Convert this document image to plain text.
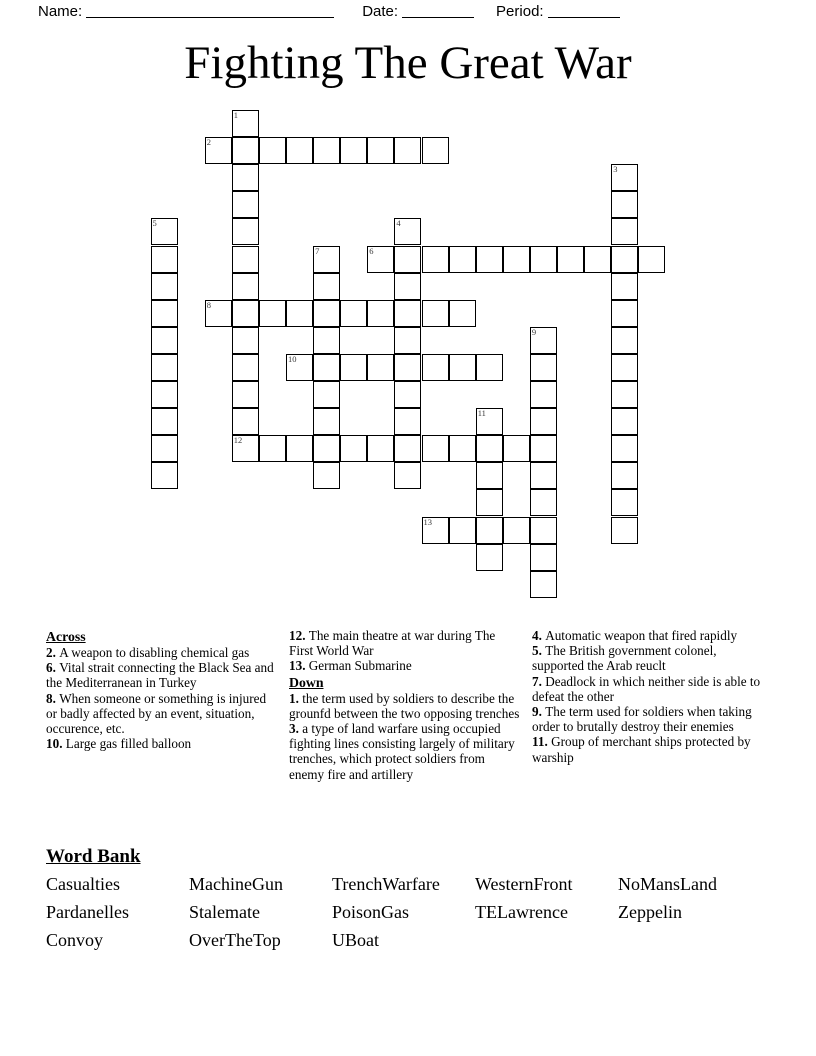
Name:	Date:	Period:
Fighting The Great War
1
12
2
3
4
5
6
7
8
9
10
11
13
Across
2. A weapon to disabling chemical gas
6. Vital strait connecting the Black Sea and the Mediterranean in Turkey
8. When someone or something is injured or badly affected by an event, situation, occurence, etc.
10. Large gas filled balloon
12. The main theatre at war during The First World War
13. German Submarine
Down
1. the term used by soldiers to describe the grounfd between the two opposing trenches
3. a type of land warfare using occupied fighting lines consisting largely of military trenches, which protect soldiers from enemy fire and artillery
4. Automatic weapon that fired rapidly
5. The British government colonel, supported the Arab reuclt
7. Deadlock in which neither side is able to defeat the other
9. The term used for soldiers when taking order to brutally destroy their enemies
11. Group of merchant ships protected by warship
Word Bank
Casualties	MachineGun	TrenchWarfare	WesternFront	NoMansLand
Pardanelles	Stalemate	PoisonGas	TELawrence	Zeppelin
Convoy	OverTheTop	UBoat
